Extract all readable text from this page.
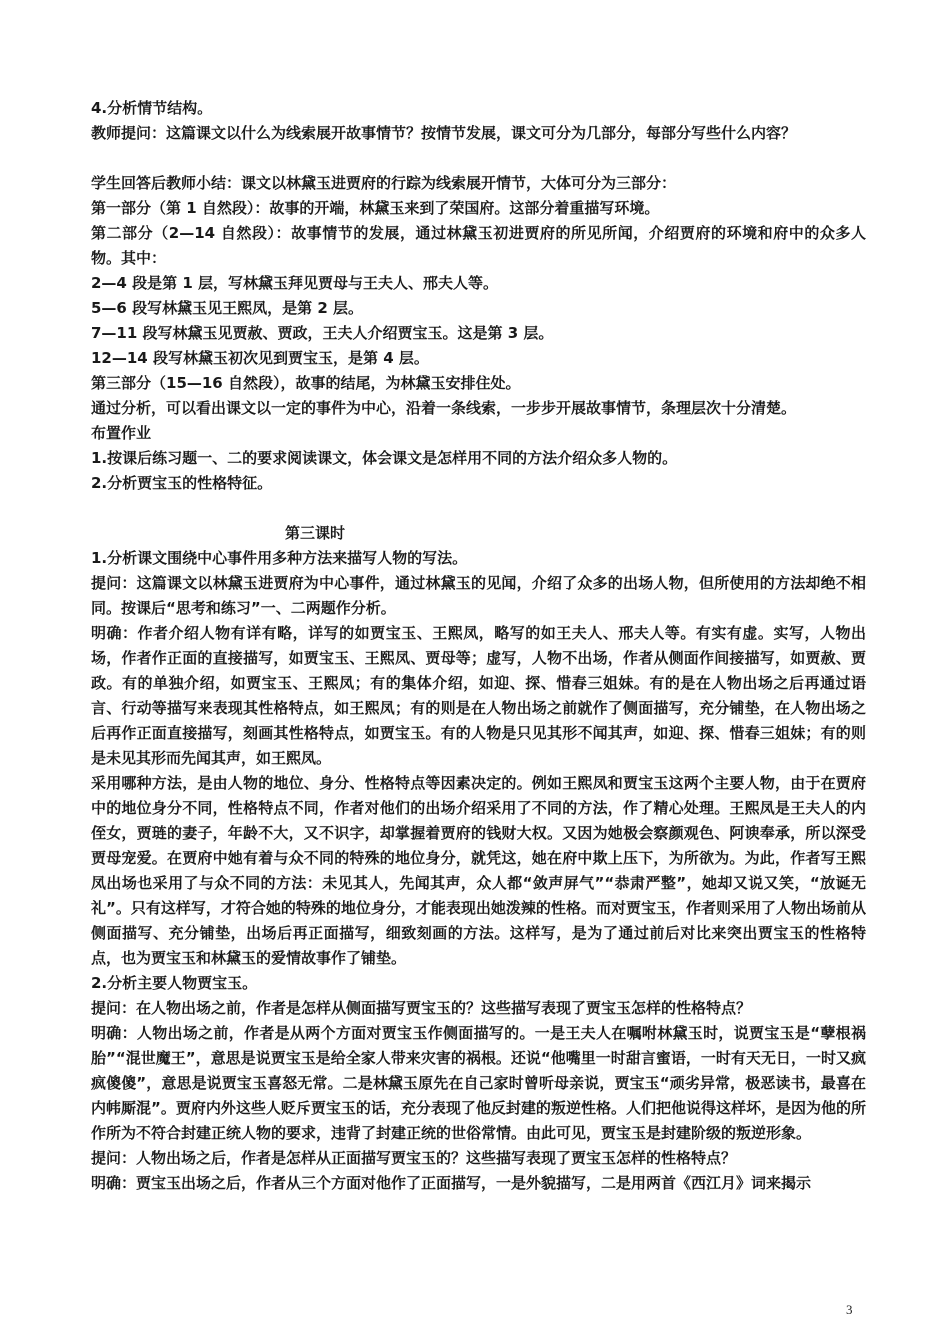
4.分析情节结构。

教师提问：这篇课文以什么为线索展开故事情节？按情节发展，课文可分为几部分，每部分写些什么内容？

学生回答后教师小结：课文以林黛玉进贾府的行踪为线索展开情节，大体可分为三部分：

第一部分（第 1 自然段）：故事的开端，林黛玉来到了荣国府。这部分着重描写环境。

第二部分（2—14 自然段）：故事情节的发展，通过林黛玉初进贾府的所见所闻，介绍贾府的环境和府中的众多人物。其中：

2—4 段是第 1 层，写林黛玉拜见贾母与王夫人、邢夫人等。

5—6 段写林黛玉见王熙凤，是第 2 层。

7—11 段写林黛玉见贾赦、贾政，王夫人介绍贾宝玉。这是第 3 层。

12—14 段写林黛玉初次见到贾宝玉，是第 4 层。

第三部分（15—16 自然段），故事的结尾，为林黛玉安排住处。

通过分析，可以看出课文以一定的事件为中心，沿着一条线索，一步步开展故事情节，条理层次十分清楚。

布置作业

1.按课后练习题一、二的要求阅读课文，体会课文是怎样用不同的方法介绍众多人物的。

2.分析贾宝玉的性格特征。

第三课时

1.分析课文围绕中心事件用多种方法来描写人物的写法。

提问：这篇课文以林黛玉进贾府为中心事件，通过林黛玉的见闻，介绍了众多的出场人物，但所使用的方法却绝不相同。按课后“思考和练习”一、二两题作分析。

明确：作者介绍人物有详有略，详写的如贾宝玉、王熙凤，略写的如王夫人、邢夫人等。有实有虚。实写，人物出场，作者作正面的直接描写，如贾宝玉、王熙凤、贾母等；虚写，人物不出场，作者从侧面作间接描写，如贾赦、贾政。有的单独介绍，如贾宝玉、王熙凤；有的集体介绍，如迎、探、惜春三姐妹。有的是在人物出场之后再通过语言、行动等描写来表现其性格特点，如王熙凤；有的则是在人物出场之前就作了侧面描写，充分铺垫，在人物出场之后再作正面直接描写，刻画其性格特点，如贾宝玉。有的人物是只见其形不闻其声，如迎、探、惜春三姐妹；有的则是未见其形而先闻其声，如王熙凤。

采用哪种方法，是由人物的地位、身分、性格特点等因素决定的。例如王熙凤和贾宝玉这两个主要人物，由于在贾府中的地位身分不同，性格特点不同，作者对他们的出场介绍采用了不同的方法，作了精心处理。王熙凤是王夫人的内侄女，贾琏的妻子，年龄不大，又不识字，却掌握着贾府的钱财大权。又因为她极会察颜观色、阿谀奉承，所以深受贾母宠爱。在贾府中她有着与众不同的特殊的地位身分，就凭这，她在府中欺上压下，为所欲为。为此，作者写王熙凤出场也采用了与众不同的方法：未见其人，先闻其声，众人都“敛声屏气”“恭肃严整”，她却又说又笑，“放诞无礼”。只有这样写，才符合她的特殊的地位身分，才能表现出她泼辣的性格。而对贾宝玉，作者则采用了人物出场前从侧面描写、充分铺垫，出场后再正面描写，细致刻画的方法。这样写，是为了通过前后对比来突出贾宝玉的性格特点，也为贾宝玉和林黛玉的爱情故事作了铺垫。

2.分析主要人物贾宝玉。

提问：在人物出场之前，作者是怎样从侧面描写贾宝玉的？这些描写表现了贾宝玉怎样的性格特点？

明确：人物出场之前，作者是从两个方面对贾宝玉作侧面描写的。一是王夫人在嘱咐林黛玉时，说贾宝玉是“孽根祸胎”“混世魔王”，意思是说贾宝玉是给全家人带来灾害的祸根。还说“他嘴里一时甜言蜜语，一时有天无日，一时又疯疯傻傻”，意思是说贾宝玉喜怒无常。二是林黛玉原先在自己家时曾听母亲说，贾宝玉“顽劣异常，极恶读书，最喜在内帏厮混”。贾府内外这些人贬斥贾宝玉的话，充分表现了他反封建的叛逆性格。人们把他说得这样坏，是因为他的所作所为不符合封建正统人物的要求，违背了封建正统的世俗常情。由此可见，贾宝玉是封建阶级的叛逆形象。

提问：人物出场之后，作者是怎样从正面描写贾宝玉的？这些描写表现了贾宝玉怎样的性格特点？

明确：贾宝玉出场之后，作者从三个方面对他作了正面描写，一是外貌描写，二是用两首《西江月》词来揭示

3
